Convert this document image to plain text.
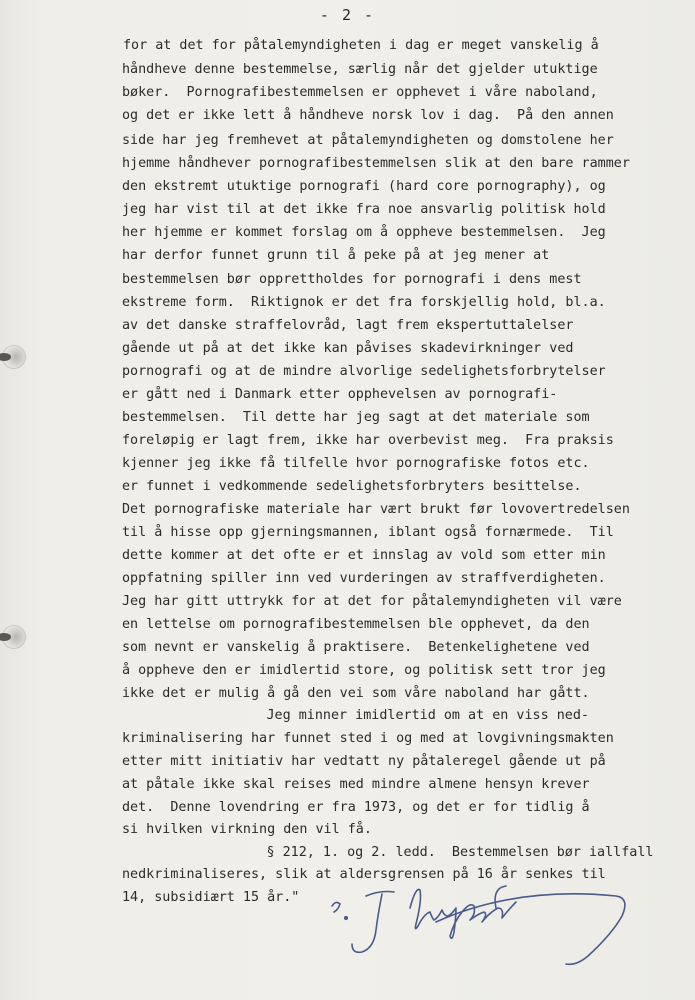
- 2 -
for at det for påtalemyndigheten i dag er meget vanskelig å
håndheve denne bestemmelse, særlig når det gjelder utuktige
bøker.  Pornografibestemmelsen er opphevet i våre naboland,
og det er ikke lett å håndheve norsk lov i dag.  På den annen
side har jeg fremhevet at påtalemyndigheten og domstolene her
hjemme håndhever pornografibestemmelsen slik at den bare rammer
den ekstremt utuktige pornografi (hard core pornography), og
jeg har vist til at det ikke fra noe ansvarlig politisk hold
her hjemme er kommet forslag om å oppheve bestemmelsen.  Jeg
har derfor funnet grunn til å peke på at jeg mener at
bestemmelsen bør opprettholdes for pornografi i dens mest
ekstreme form.  Riktignok er det fra forskjellig hold, bl.a.
av det danske straffelovråd, lagt frem ekspertuttalelser
gående ut på at det ikke kan påvises skadevirkninger ved
pornografi og at de mindre alvorlige sedelighetsforbrytelser
er gått ned i Danmark etter opphevelsen av pornografi-
bestemmelsen.  Til dette har jeg sagt at det materiale som
foreløpig er lagt frem, ikke har overbevist meg.  Fra praksis
kjenner jeg ikke få tilfelle hvor pornografiske fotos etc.
er funnet i vedkommende sedelighetsforbryters besittelse.
Det pornografiske materiale har vært brukt før lovovertredelsen
til å hisse opp gjerningsmannen, iblant også fornærmede.  Til
dette kommer at det ofte er et innslag av vold som etter min
oppfatning spiller inn ved vurderingen av straffverdigheten.
Jeg har gitt uttrykk for at det for påtalemyndigheten vil være
en lettelse om pornografibestemmelsen ble opphevet, da den
som nevnt er vanskelig å praktisere.  Betenkelighetene ved
å oppheve den er imidlertid store, og politisk sett tror jeg
ikke det er mulig å gå den vei som våre naboland har gått.
Jeg minner imidlertid om at en viss ned-
kriminalisering har funnet sted i og med at lovgivningsmakten
etter mitt initiativ har vedtatt ny påtaleregel gående ut på
at påtale ikke skal reises med mindre almene hensyn krever
det.  Denne lovendring er fra 1973, og det er for tidlig å
si hvilken virkning den vil få.
§ 212, 1. og 2. ledd.  Bestemmelsen bør iallfall
nedkriminaliseres, slik at aldersgrensen på 16 år senkes til
14, subsidiært 15 år."
